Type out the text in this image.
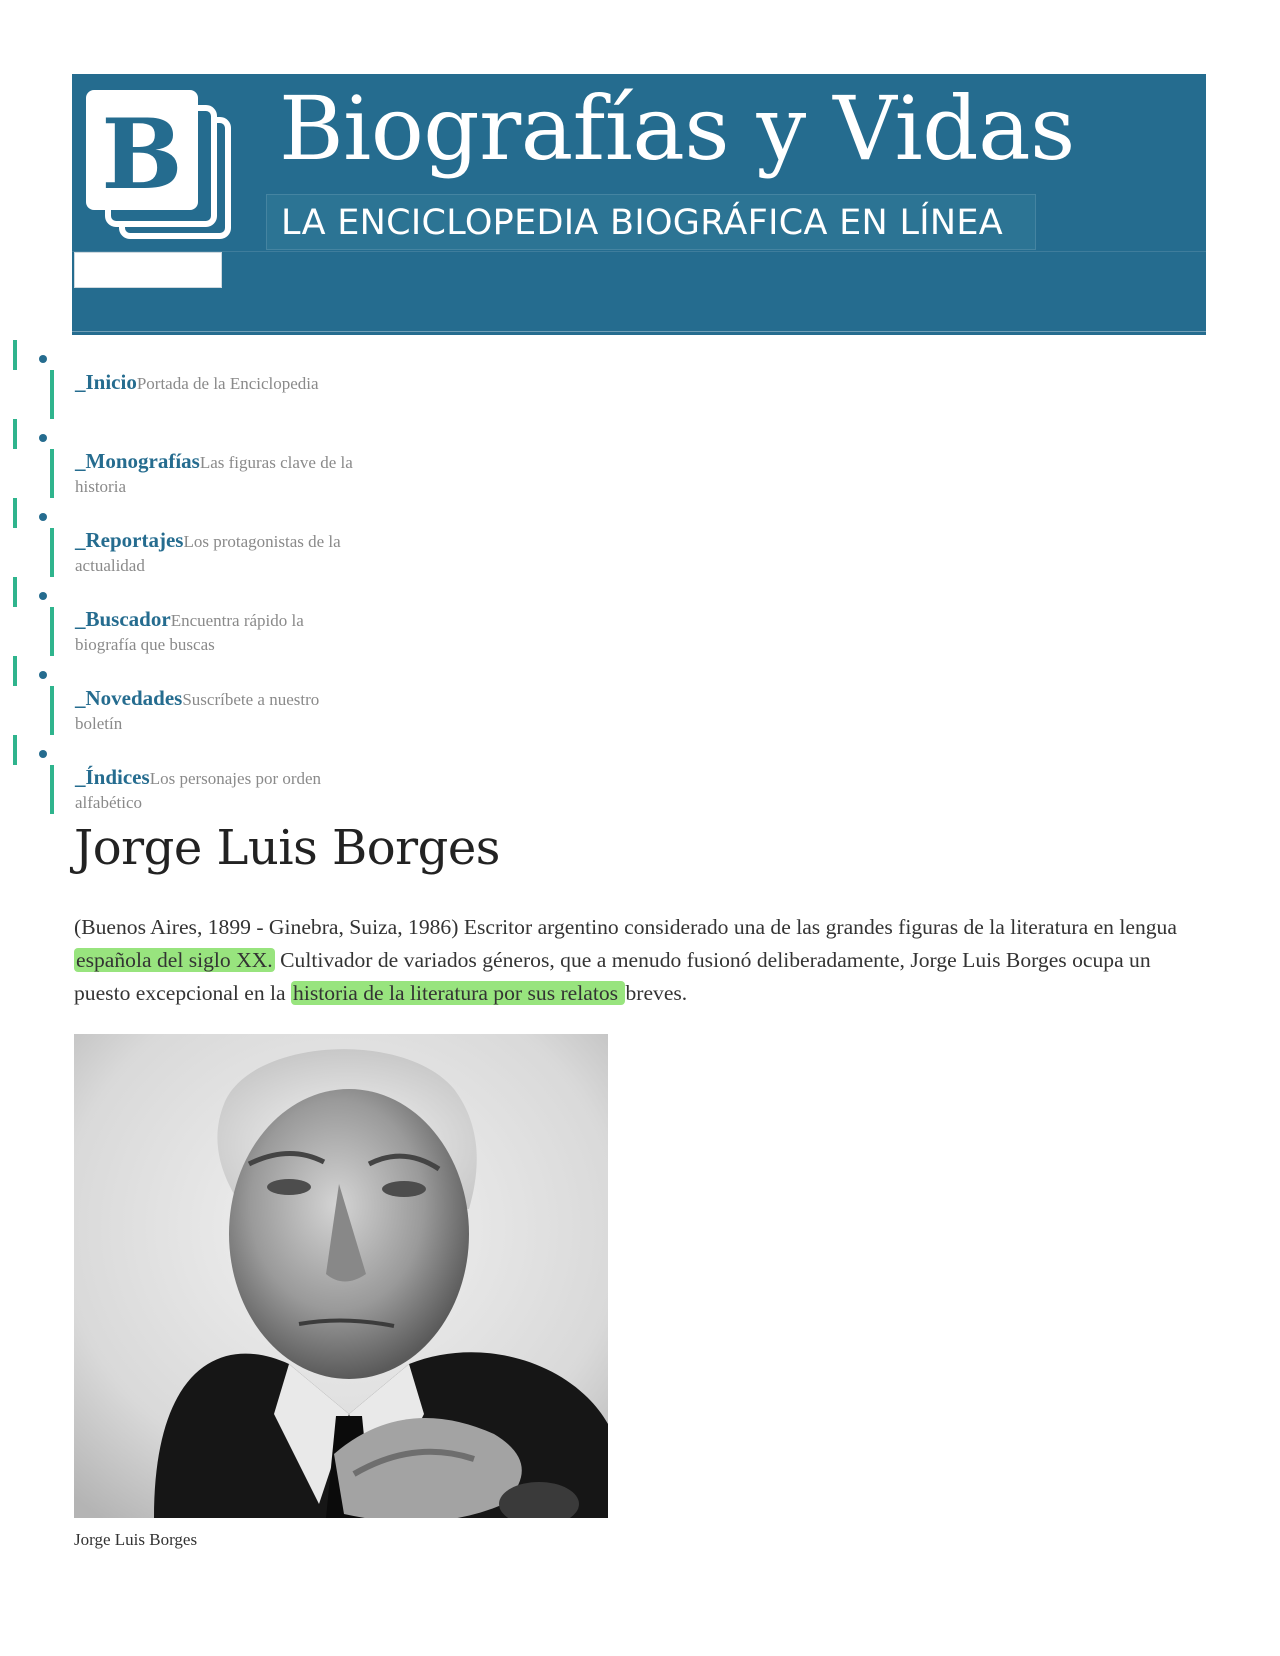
B Biografías y Vidas
LA ENCICLOPEDIA BIOGRÁFICA EN LÍNEA
_InicioPortada de la Enciclopedia
_MonografíasLas figuras clave de la historia
_ReportajesLos protagonistas de la actualidad
_BuscadorEncuentra rápido la biografía que buscas
_NovedadesSuscríbete a nuestro boletín
_ÍndicesLos personajes por orden alfabético
Jorge Luis Borges

(Buenos Aires, 1899 - Ginebra, Suiza, 1986) Escritor argentino considerado una de las grandes figuras de la literatura en lengua española del siglo XX. Cultivador de variados géneros, que a menudo fusionó deliberadamente, Jorge Luis Borges ocupa un puesto excepcional en la historia de la literatura por sus relatos breves.

Jorge Luis Borges
